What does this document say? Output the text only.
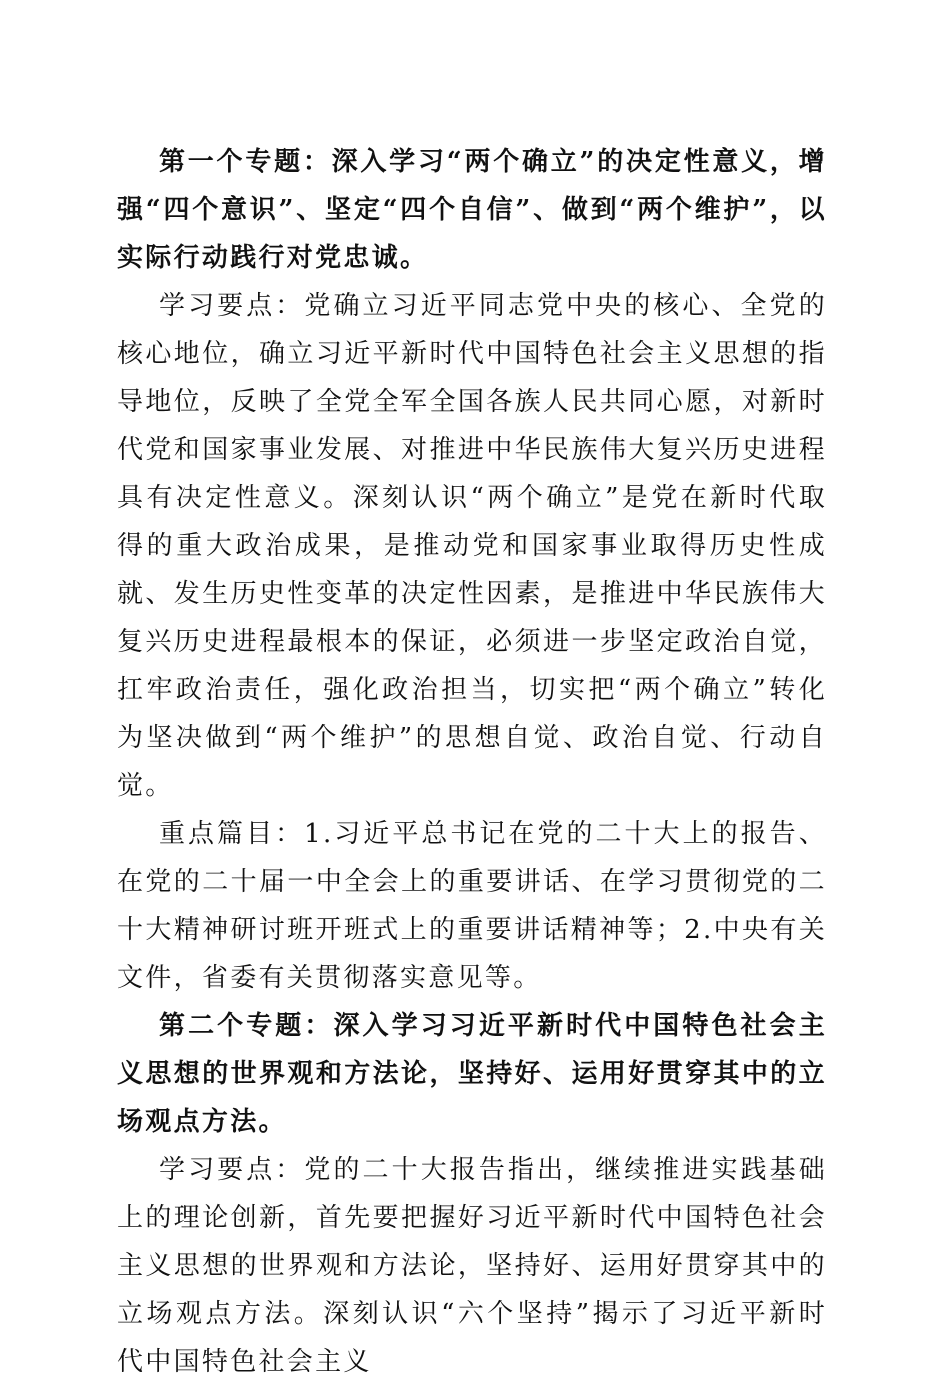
第一个专题：深入学习“两个确立”的决定性意义，增强“四个意识”、坚定“四个自信”、做到“两个维护”，以实际行动践行对党忠诚。

学习要点：党确立习近平同志党中央的核心、全党的核心地位，确立习近平新时代中国特色社会主义思想的指导地位，反映了全党全军全国各族人民共同心愿，对新时代党和国家事业发展、对推进中华民族伟大复兴历史进程具有决定性意义。深刻认识“两个确立”是党在新时代取得的重大政治成果，是推动党和国家事业取得历史性成就、发生历史性变革的决定性因素，是推进中华民族伟大复兴历史进程最根本的保证，必须进一步坚定政治自觉，扛牢政治责任，强化政治担当，切实把“两个确立”转化为坚决做到“两个维护”的思想自觉、政治自觉、行动自觉。

重点篇目：1.习近平总书记在党的二十大上的报告、在党的二十届一中全会上的重要讲话、在学习贯彻党的二十大精神研讨班开班式上的重要讲话精神等；2.中央有关文件，省委有关贯彻落实意见等。

第二个专题：深入学习习近平新时代中国特色社会主义思想的世界观和方法论，坚持好、运用好贯穿其中的立场观点方法。

学习要点：党的二十大报告指出，继续推进实践基础上的理论创新，首先要把握好习近平新时代中国特色社会主义思想的世界观和方法论，坚持好、运用好贯穿其中的立场观点方法。深刻认识“六个坚持”揭示了习近平新时代中国特色社会主义
